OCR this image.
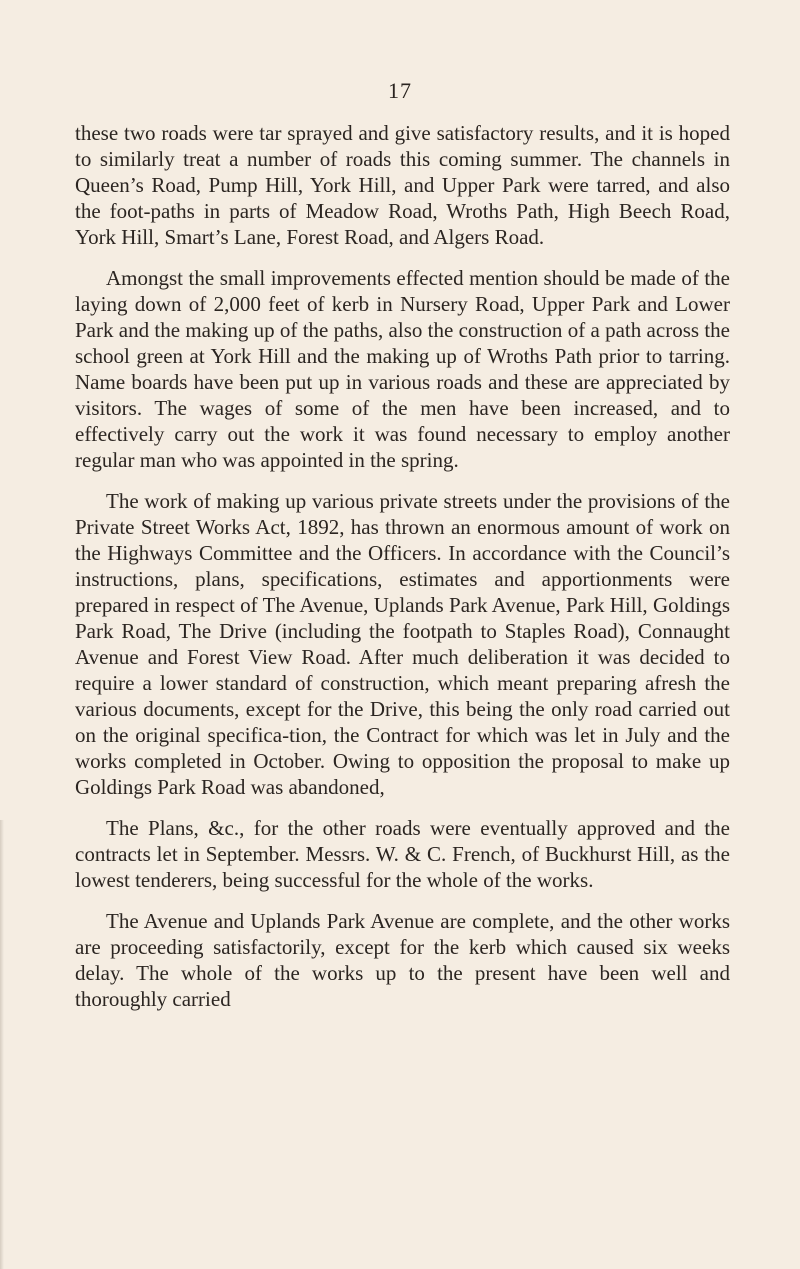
17

these two roads were tar sprayed and give satisfactory results, and it is hoped to similarly treat a number of roads this coming summer. The channels in Queen’s Road, Pump Hill, York Hill, and Upper Park were tarred, and also the foot-paths in parts of Meadow Road, Wroths Path, High Beech Road, York Hill, Smart’s Lane, Forest Road, and Algers Road.

Amongst the small improvements effected mention should be made of the laying down of 2,000 feet of kerb in Nursery Road, Upper Park and Lower Park and the making up of the paths, also the construction of a path across the school green at York Hill and the making up of Wroths Path prior to tarring. Name boards have been put up in various roads and these are appreciated by visitors. The wages of some of the men have been increased, and to effectively carry out the work it was found necessary to employ another regular man who was appointed in the spring.

The work of making up various private streets under the provisions of the Private Street Works Act, 1892, has thrown an enormous amount of work on the Highways Committee and the Officers. In accordance with the Council’s instructions, plans, specifications, estimates and apportionments were prepared in respect of The Avenue, Uplands Park Avenue, Park Hill, Goldings Park Road, The Drive (including the footpath to Staples Road), Connaught Avenue and Forest View Road. After much deliberation it was decided to require a lower standard of construction, which meant preparing afresh the various documents, except for the Drive, this being the only road carried out on the original specifica-tion, the Contract for which was let in July and the works completed in October. Owing to opposition the proposal to make up Goldings Park Road was abandoned,

The Plans, &c., for the other roads were eventually approved and the contracts let in September. Messrs. W. & C. French, of Buckhurst Hill, as the lowest tenderers, being successful for the whole of the works.

The Avenue and Uplands Park Avenue are complete, and the other works are proceeding satisfactorily, except for the kerb which caused six weeks delay. The whole of the works up to the present have been well and thoroughly carried
